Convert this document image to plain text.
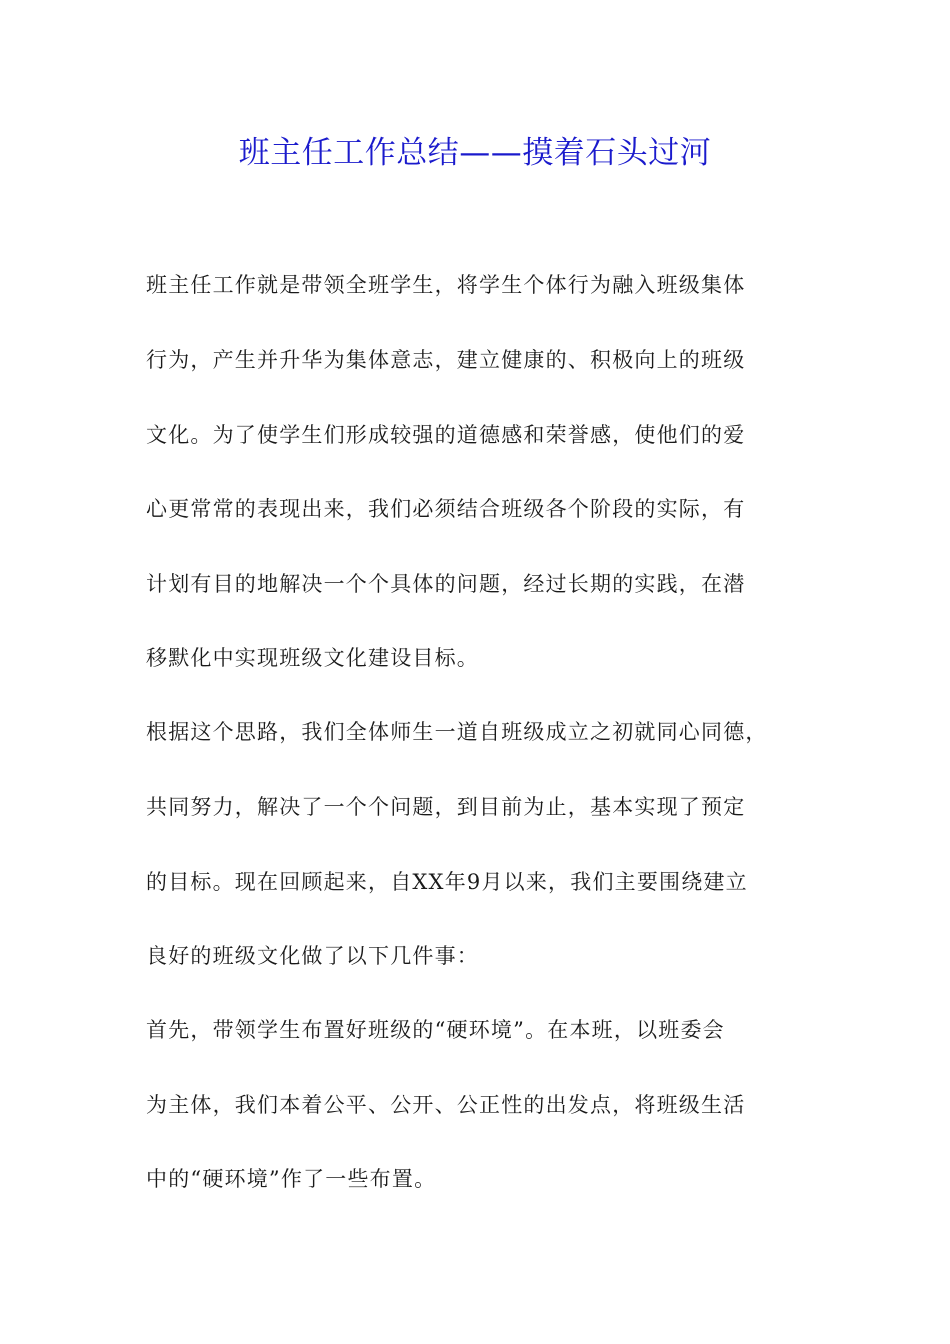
班主任工作总结——摸着石头过河
班主任工作就是带领全班学生，将学生个体行为融入班级集体
行为，产生并升华为集体意志，建立健康的、积极向上的班级
文化。为了使学生们形成较强的道德感和荣誉感，使他们的爱
心更常常的表现出来，我们必须结合班级各个阶段的实际，有
计划有目的地解决一个个具体的问题，经过长期的实践，在潜
移默化中实现班级文化建设目标。
根据这个思路，我们全体师生一道自班级成立之初就同心同德，
共同努力，解决了一个个问题，到目前为止，基本实现了预定
的目标。现在回顾起来，自XX年9月以来，我们主要围绕建立
良好的班级文化做了以下几件事：
首先，带领学生布置好班级的“硬环境”。在本班，以班委会
为主体，我们本着公平、公开、公正性的出发点，将班级生活
中的“硬环境”作了一些布置。
